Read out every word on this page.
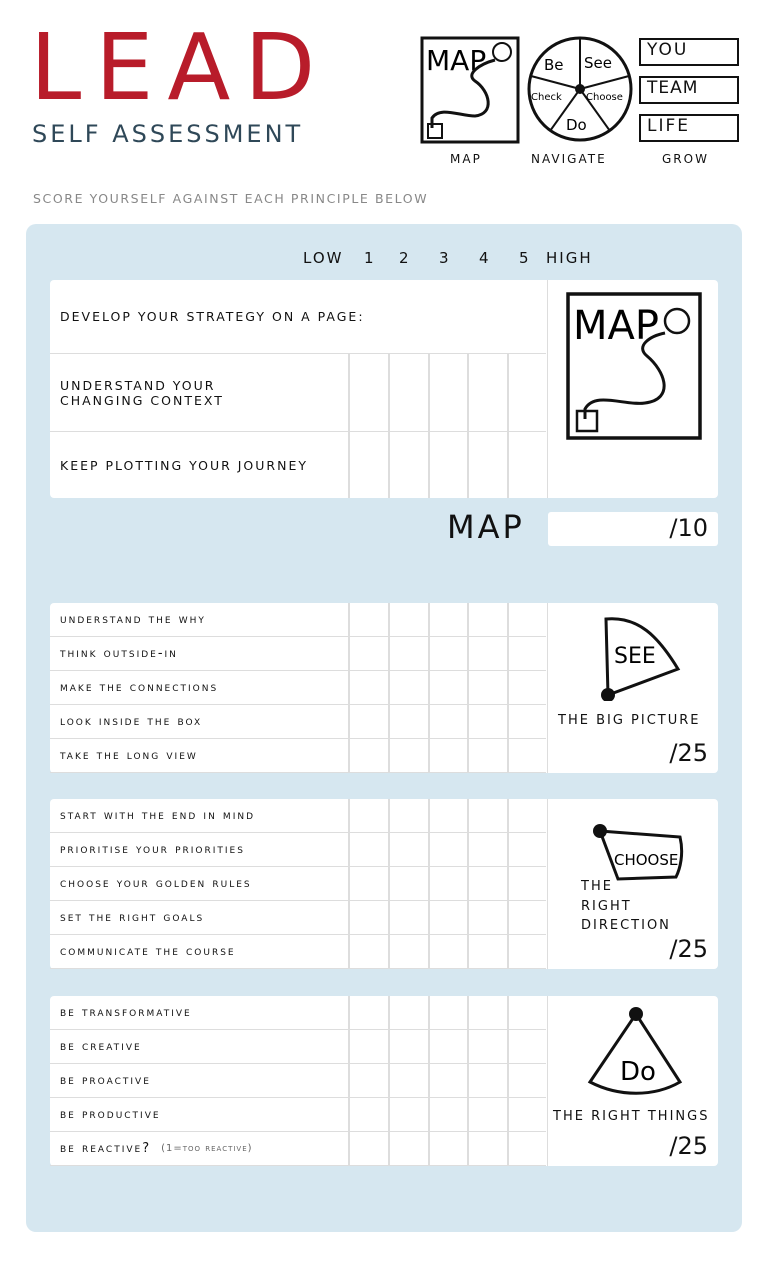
LEAD
SELF ASSESSMENT
SCORE YOURSELF AGAINST EACH PRINCIPLE BELOW
MAP	Be See
Choose
Do
Check
YOU
TEAM
LIFE
MAP	NAVIGATE	GROW
LOW 1 2 3 4 5 HIGH
DEVELOP YOUR STRATEGY ON A PAGE:
UNDERSTAND YOUR
CHANGING CONTEXT
KEEP PLOTTING YOUR JOURNEY
MAP
MAP	/10
understand the why
think outside-in
make the connections
look inside the box
take the long view
SEE
THE BIG PICTURE
/25
start with the end in mind
prioritise your priorities
choose your golden rules
set the right goals
communicate the course
CHOOSE
THE
RIGHT
DIRECTION
/25
be transformative
be creative
be proactive
be productive
be reactive? (1=too reactive)
Do
THE RIGHT THINGS
/25
